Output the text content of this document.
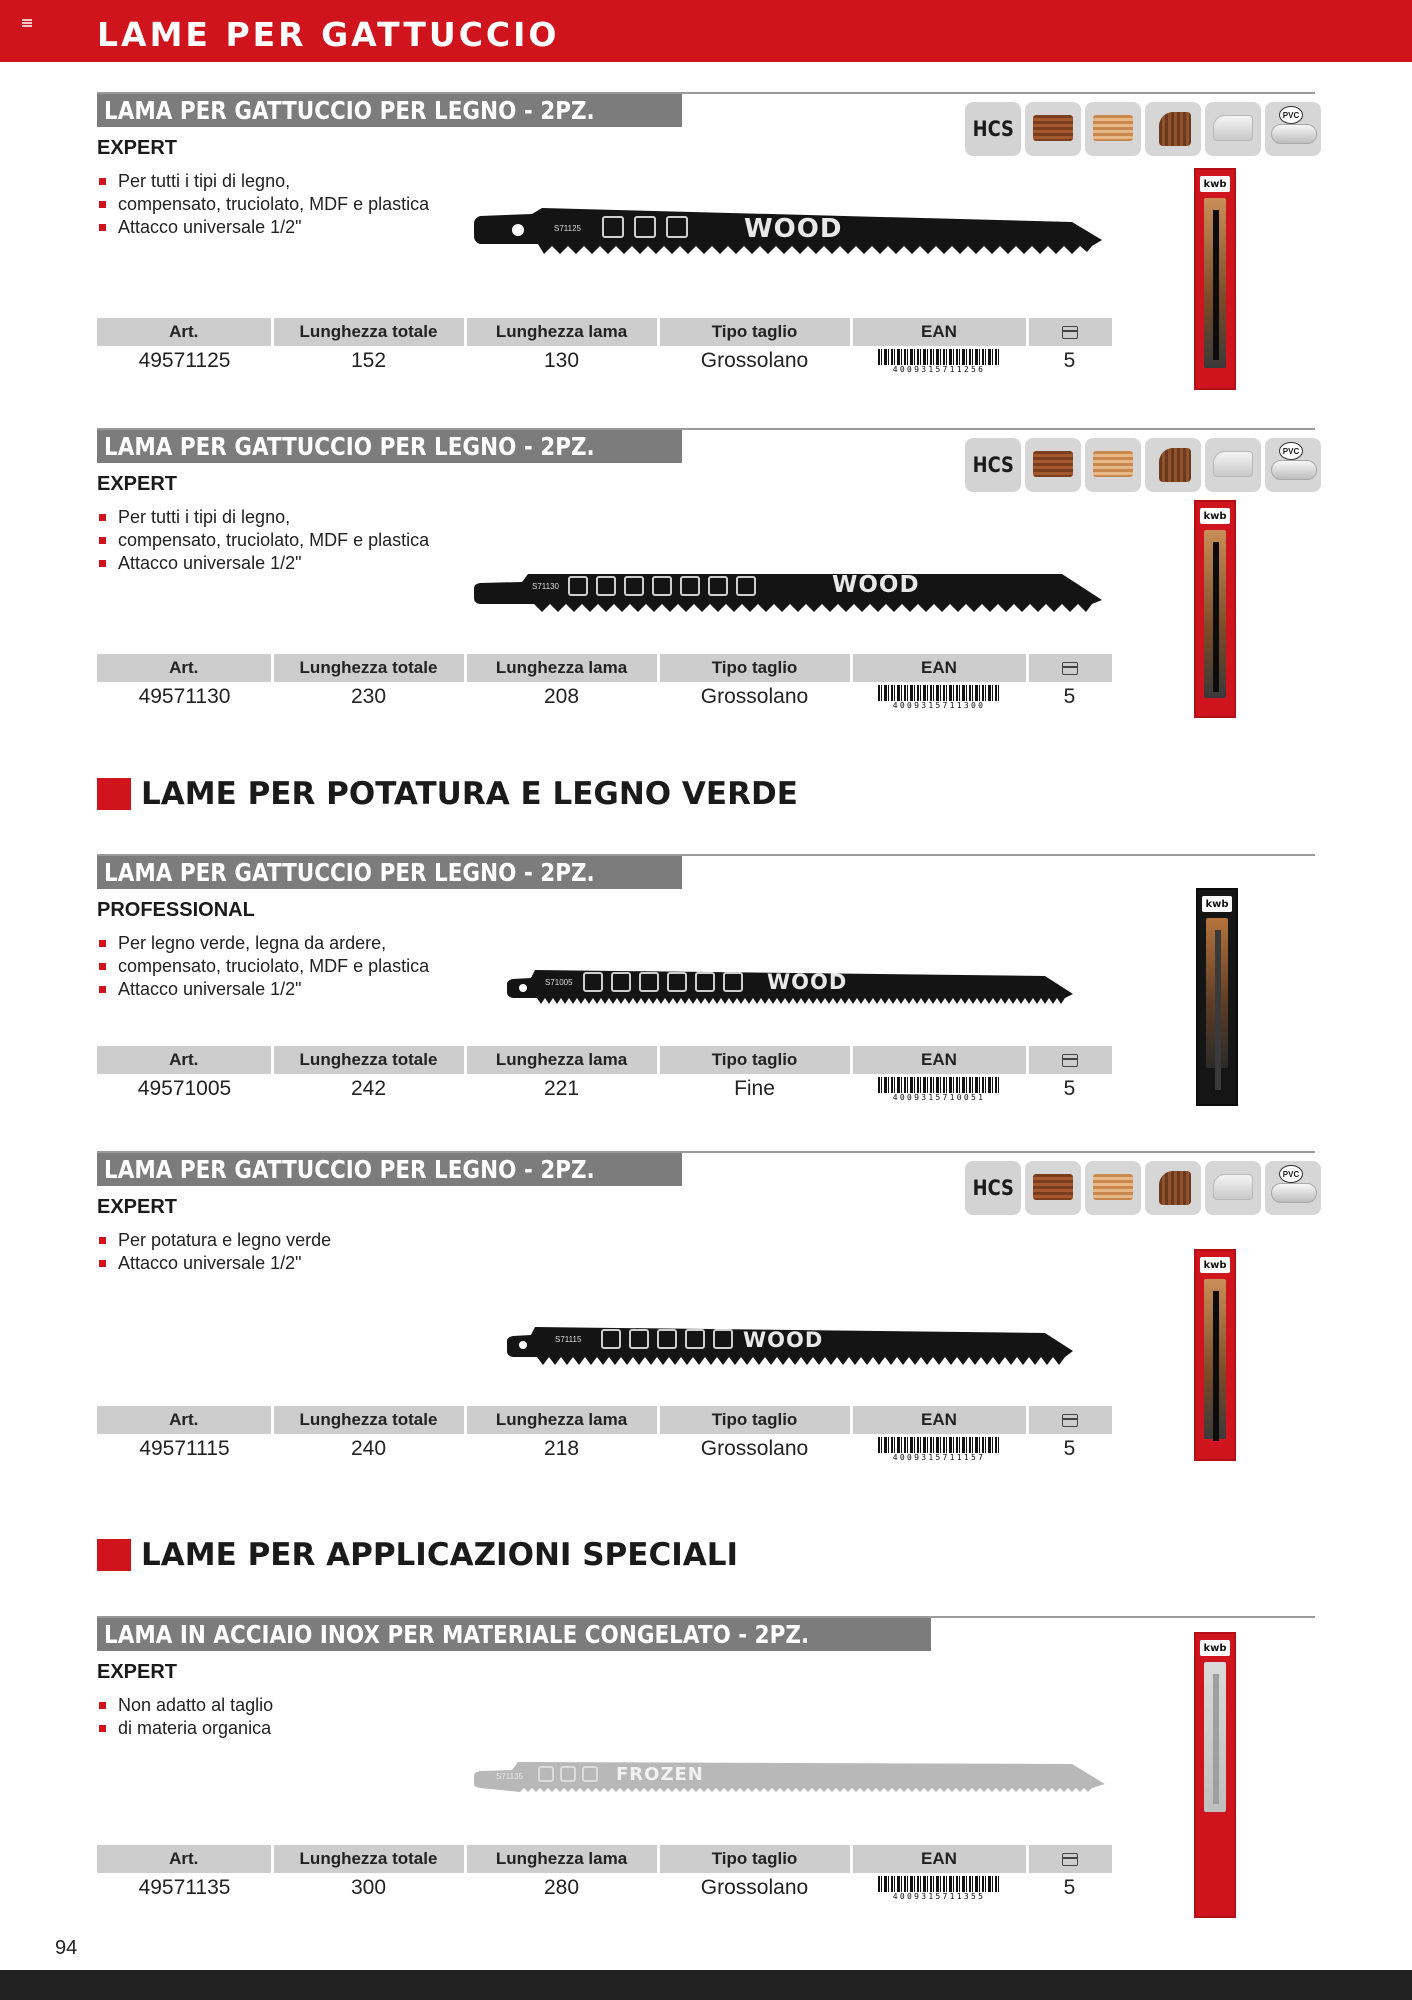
LAME PER GATTUCCIO
LAMA PER GATTUCCIO PER LEGNO - 2PZ.
EXPERT
Per tutti i tipi di legno,
compensato, truciolato, MDF e plastica
Attacco universale 1/2"
HCS
PVC
S71125	WOOD
kwb
Art.	Lunghezza totale	Lunghezza lama	Tipo taglio	EAN	
49571125	152	130	Grossolano	4009315711256	5
LAMA PER GATTUCCIO PER LEGNO - 2PZ.
EXPERT
Per tutti i tipi di legno,
compensato, truciolato, MDF e plastica
Attacco universale 1/2"
HCS
PVC
S71130	WOOD
kwb
Art.	Lunghezza totale	Lunghezza lama	Tipo taglio	EAN	
49571130	230	208	Grossolano	4009315711300	5
LAME PER POTATURA E LEGNO VERDE
LAMA PER GATTUCCIO PER LEGNO - 2PZ.
PROFESSIONAL
Per legno verde, legna da ardere,
compensato, truciolato, MDF e plastica
Attacco universale 1/2"	S71005	WOOD
kwb
Art.	Lunghezza totale	Lunghezza lama	Tipo taglio	EAN	
49571005	242	221	Fine	4009315710051	5
LAMA PER GATTUCCIO PER LEGNO - 2PZ.
EXPERT
Per potatura e legno verde
Attacco universale 1/2"
HCS
PVC
S71115	WOOD
kwb
Art.	Lunghezza totale	Lunghezza lama	Tipo taglio	EAN	
49571115	240	218	Grossolano	4009315711157	5
LAME PER APPLICAZIONI SPECIALI
LAMA IN ACCIAIO INOX PER MATERIALE CONGELATO - 2PZ.
EXPERT
Non adatto al taglio
di materia organica
S71135	FROZEN
kwb
Art.	Lunghezza totale	Lunghezza lama	Tipo taglio	EAN	
49571135	300	280	Grossolano	4009315711355	5
94
